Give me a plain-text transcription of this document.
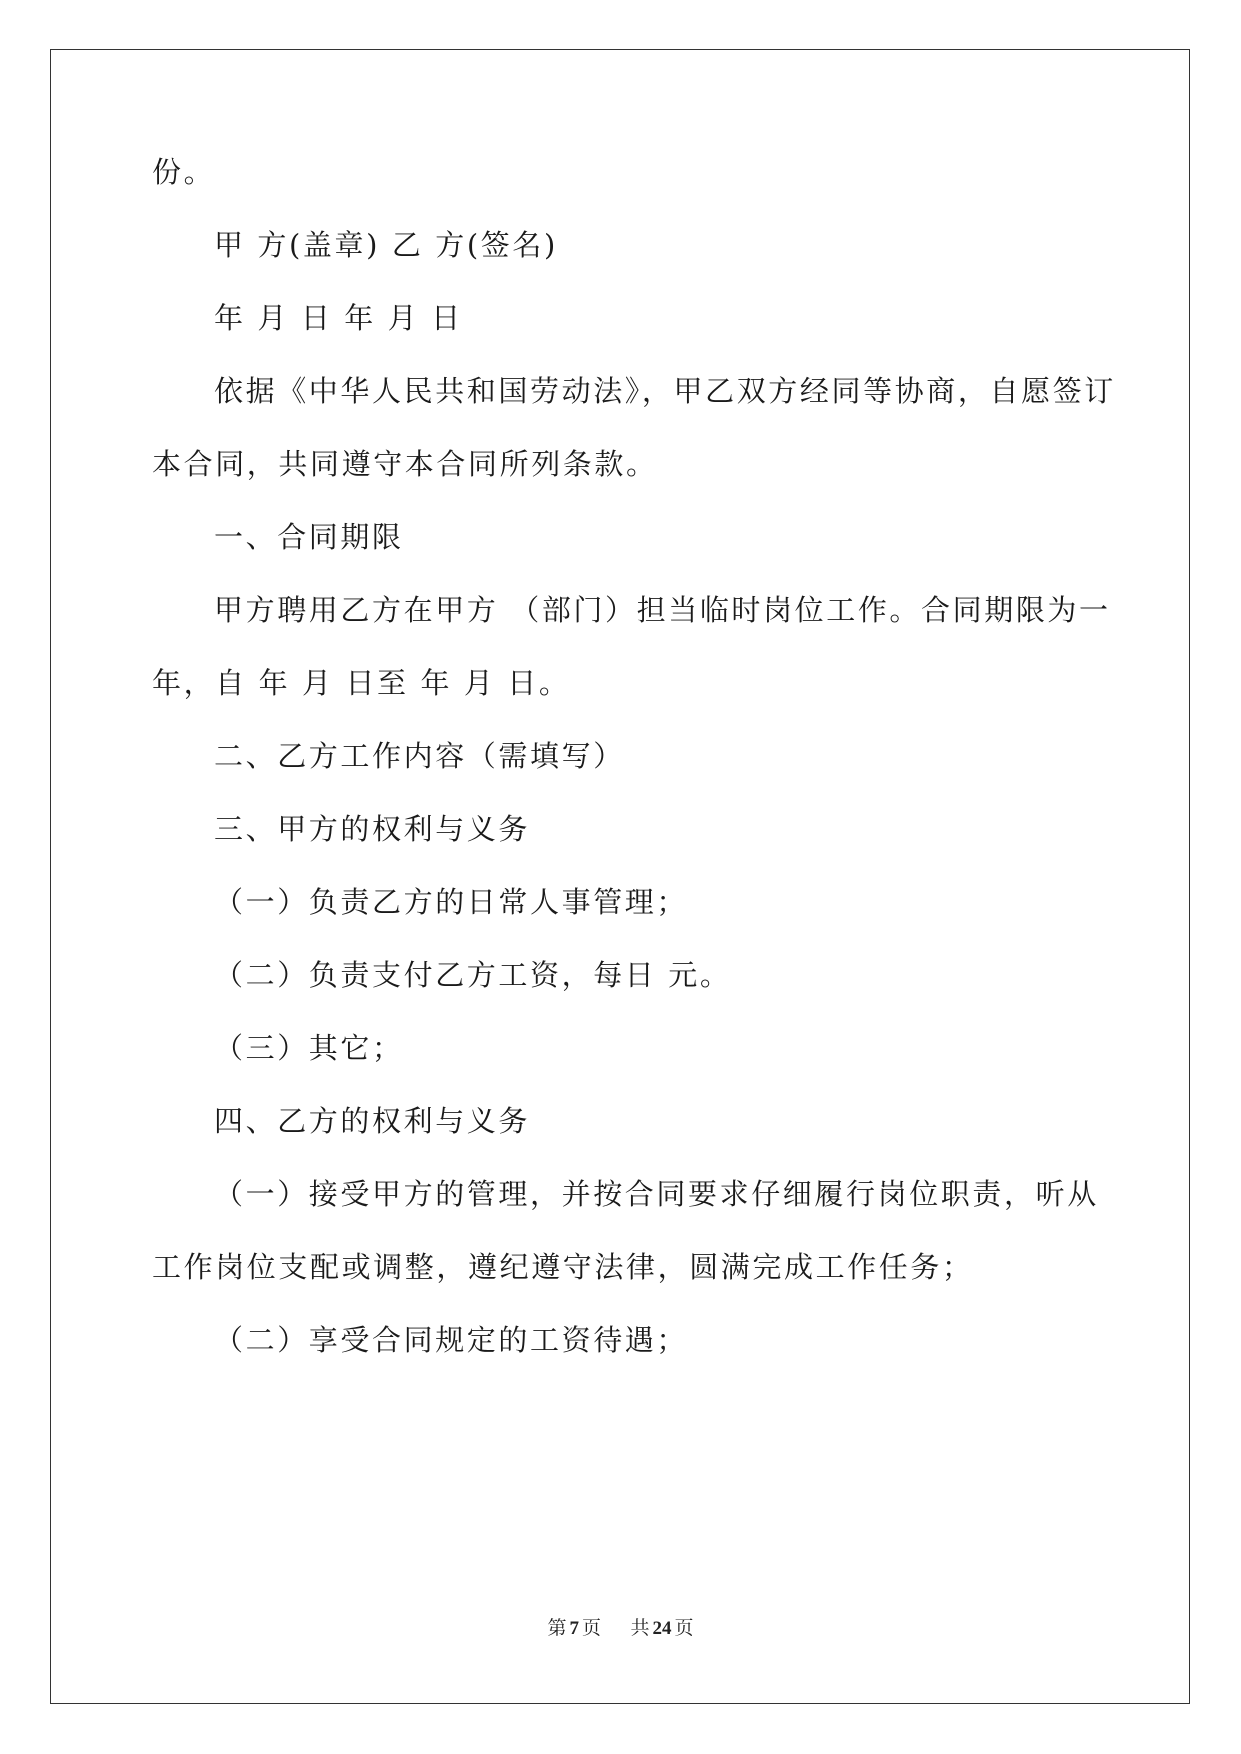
份。
甲 方(盖章) 乙 方(签名)
年 月 日 年 月 日
依据《中华人民共和国劳动法》，甲乙双方经同等协商，自愿签订
本合同，共同遵守本合同所列条款。
一、合同期限
甲方聘用乙方在甲方 （部门）担当临时岗位工作。合同期限为一
年，自 年 月 日至 年 月 日。
二、乙方工作内容（需填写）
三、甲方的权利与义务
（一）负责乙方的日常人事管理；
（二）负责支付乙方工资，每日 元。
（三）其它；
四、乙方的权利与义务
（一）接受甲方的管理，并按合同要求仔细履行岗位职责，听从
工作岗位支配或调整，遵纪遵守法律，圆满完成工作任务；
（二）享受合同规定的工资待遇；
第 7 页 共 24 页
